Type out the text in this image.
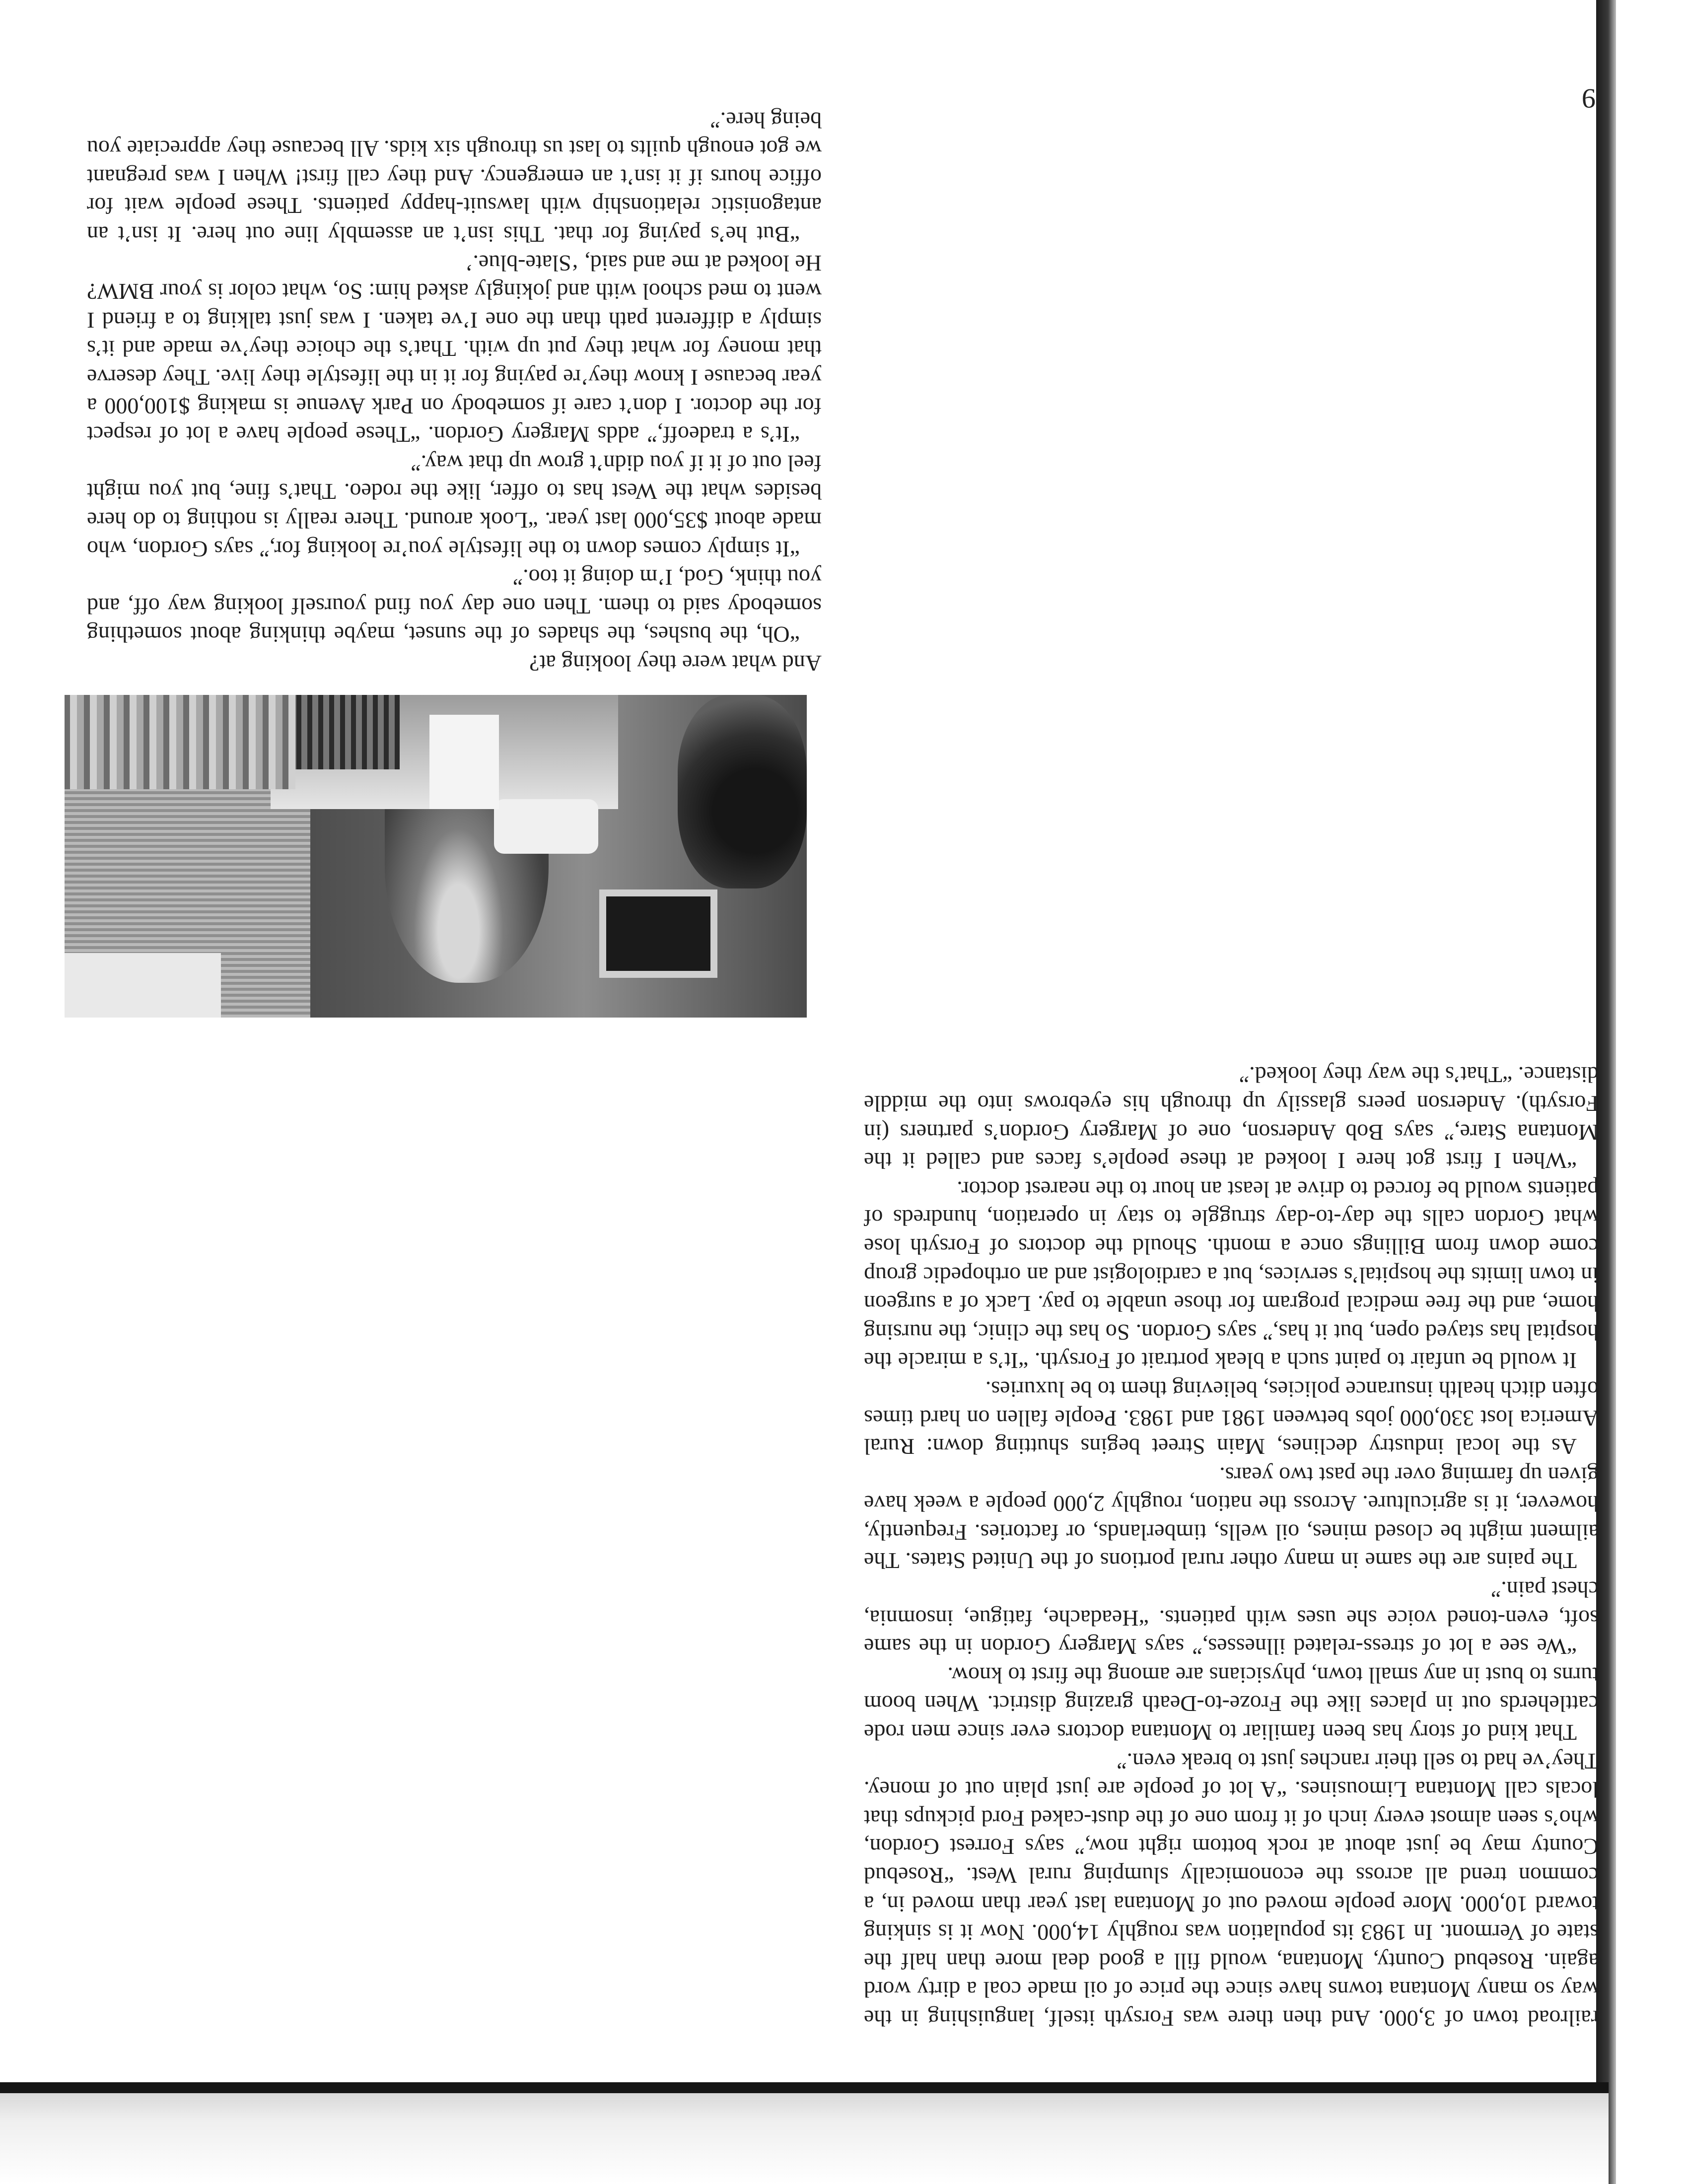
9

railroad town of 3,000. And then there was Forsyth itself, languishing in the way so many Montana towns have since the price of oil made coal a dirty word again. Rosebud County, Montana, would fill a good deal more than half the state of Vermont. In 1983 its population was roughly 14,000. Now it is sinking toward 10,000. More people moved out of Montana last year than moved in, a common trend all across the economically slumping rural West. “Rosebud County may be just about at rock bottom right now,” says Forrest Gordon, who’s seen almost every inch of it from one of the dust-caked Ford pickups that locals call Montana Limousines. “A lot of people are just plain out of money. They’ve had to sell their ranches just to break even.”

That kind of story has been familiar to Montana doctors ever since men rode cattleherds out in places like the Froze-to-Death grazing district. When boom turns to bust in any small town, physicians are among the first to know.

“We see a lot of stress-related illnesses,” says Margery Gordon in the same soft, even-toned voice she uses with patients. “Headache, fatigue, insomnia, chest pain.”

The pains are the same in many other rural portions of the United States. The ailment might be closed mines, oil wells, timberlands, or factories. Frequently, however, it is agriculture. Across the nation, roughly 2,000 people a week have given up farming over the past two years.

As the local industry declines, Main Street begins shutting down: Rural America lost 330,000 jobs between 1981 and 1983. People fallen on hard times often ditch health insurance policies, believing them to be luxuries.

It would be unfair to paint such a bleak portrait of Forsyth. “It’s a miracle the hospital has stayed open, but it has,” says Gordon. So has the clinic, the nursing home, and the free medical program for those unable to pay. Lack of a surgeon in town limits the hospital’s services, but a cardiologist and an orthopedic group come down from Billings once a month. Should the doctors of Forsyth lose what Gordon calls the day-to-day struggle to stay in operation, hundreds of patients would be forced to drive at least an hour to the nearest doctor.

“When I first got here I looked at these people’s faces and called it the Montana Stare,” says Bob Anderson, one of Margery Gordon’s partners (in Forsyth). Anderson peers glassily up through his eyebrows into the middle distance. “That’s the way they looked.”

And what were they looking at?

“Oh, the bushes, the shades of the sunset, maybe thinking about something somebody said to them. Then one day you find yourself looking way off, and you think, God, I’m doing it too.”

“It simply comes down to the lifestyle you’re looking for,” says Gordon, who made about $35,000 last year. “Look around. There really is nothing to do here besides what the West has to offer, like the rodeo. That’s fine, but you might feel out of it if you didn’t grow up that way.”

“It’s a tradeoff,” adds Margery Gordon. “These people have a lot of respect for the doctor. I don’t care if somebody on Park Avenue is making $100,000 a year because I know they’re paying for it in the lifestyle they live. They deserve that money for what they put up with. That’s the choice they’ve made and it’s simply a different path than the one I’ve taken. I was just talking to a friend I went to med school with and jokingly asked him: So, what color is your BMW? He looked at me and said, ‘Slate-blue.’

“But he’s paying for that. This isn’t an assembly line out here. It isn’t an antagonistic relationship with lawsuit-happy patients. These people wait for office hours if it isn’t an emergency. And they call first! When I was pregnant we got enough quilts to last us through six kids. All because they appreciate you being here.”
